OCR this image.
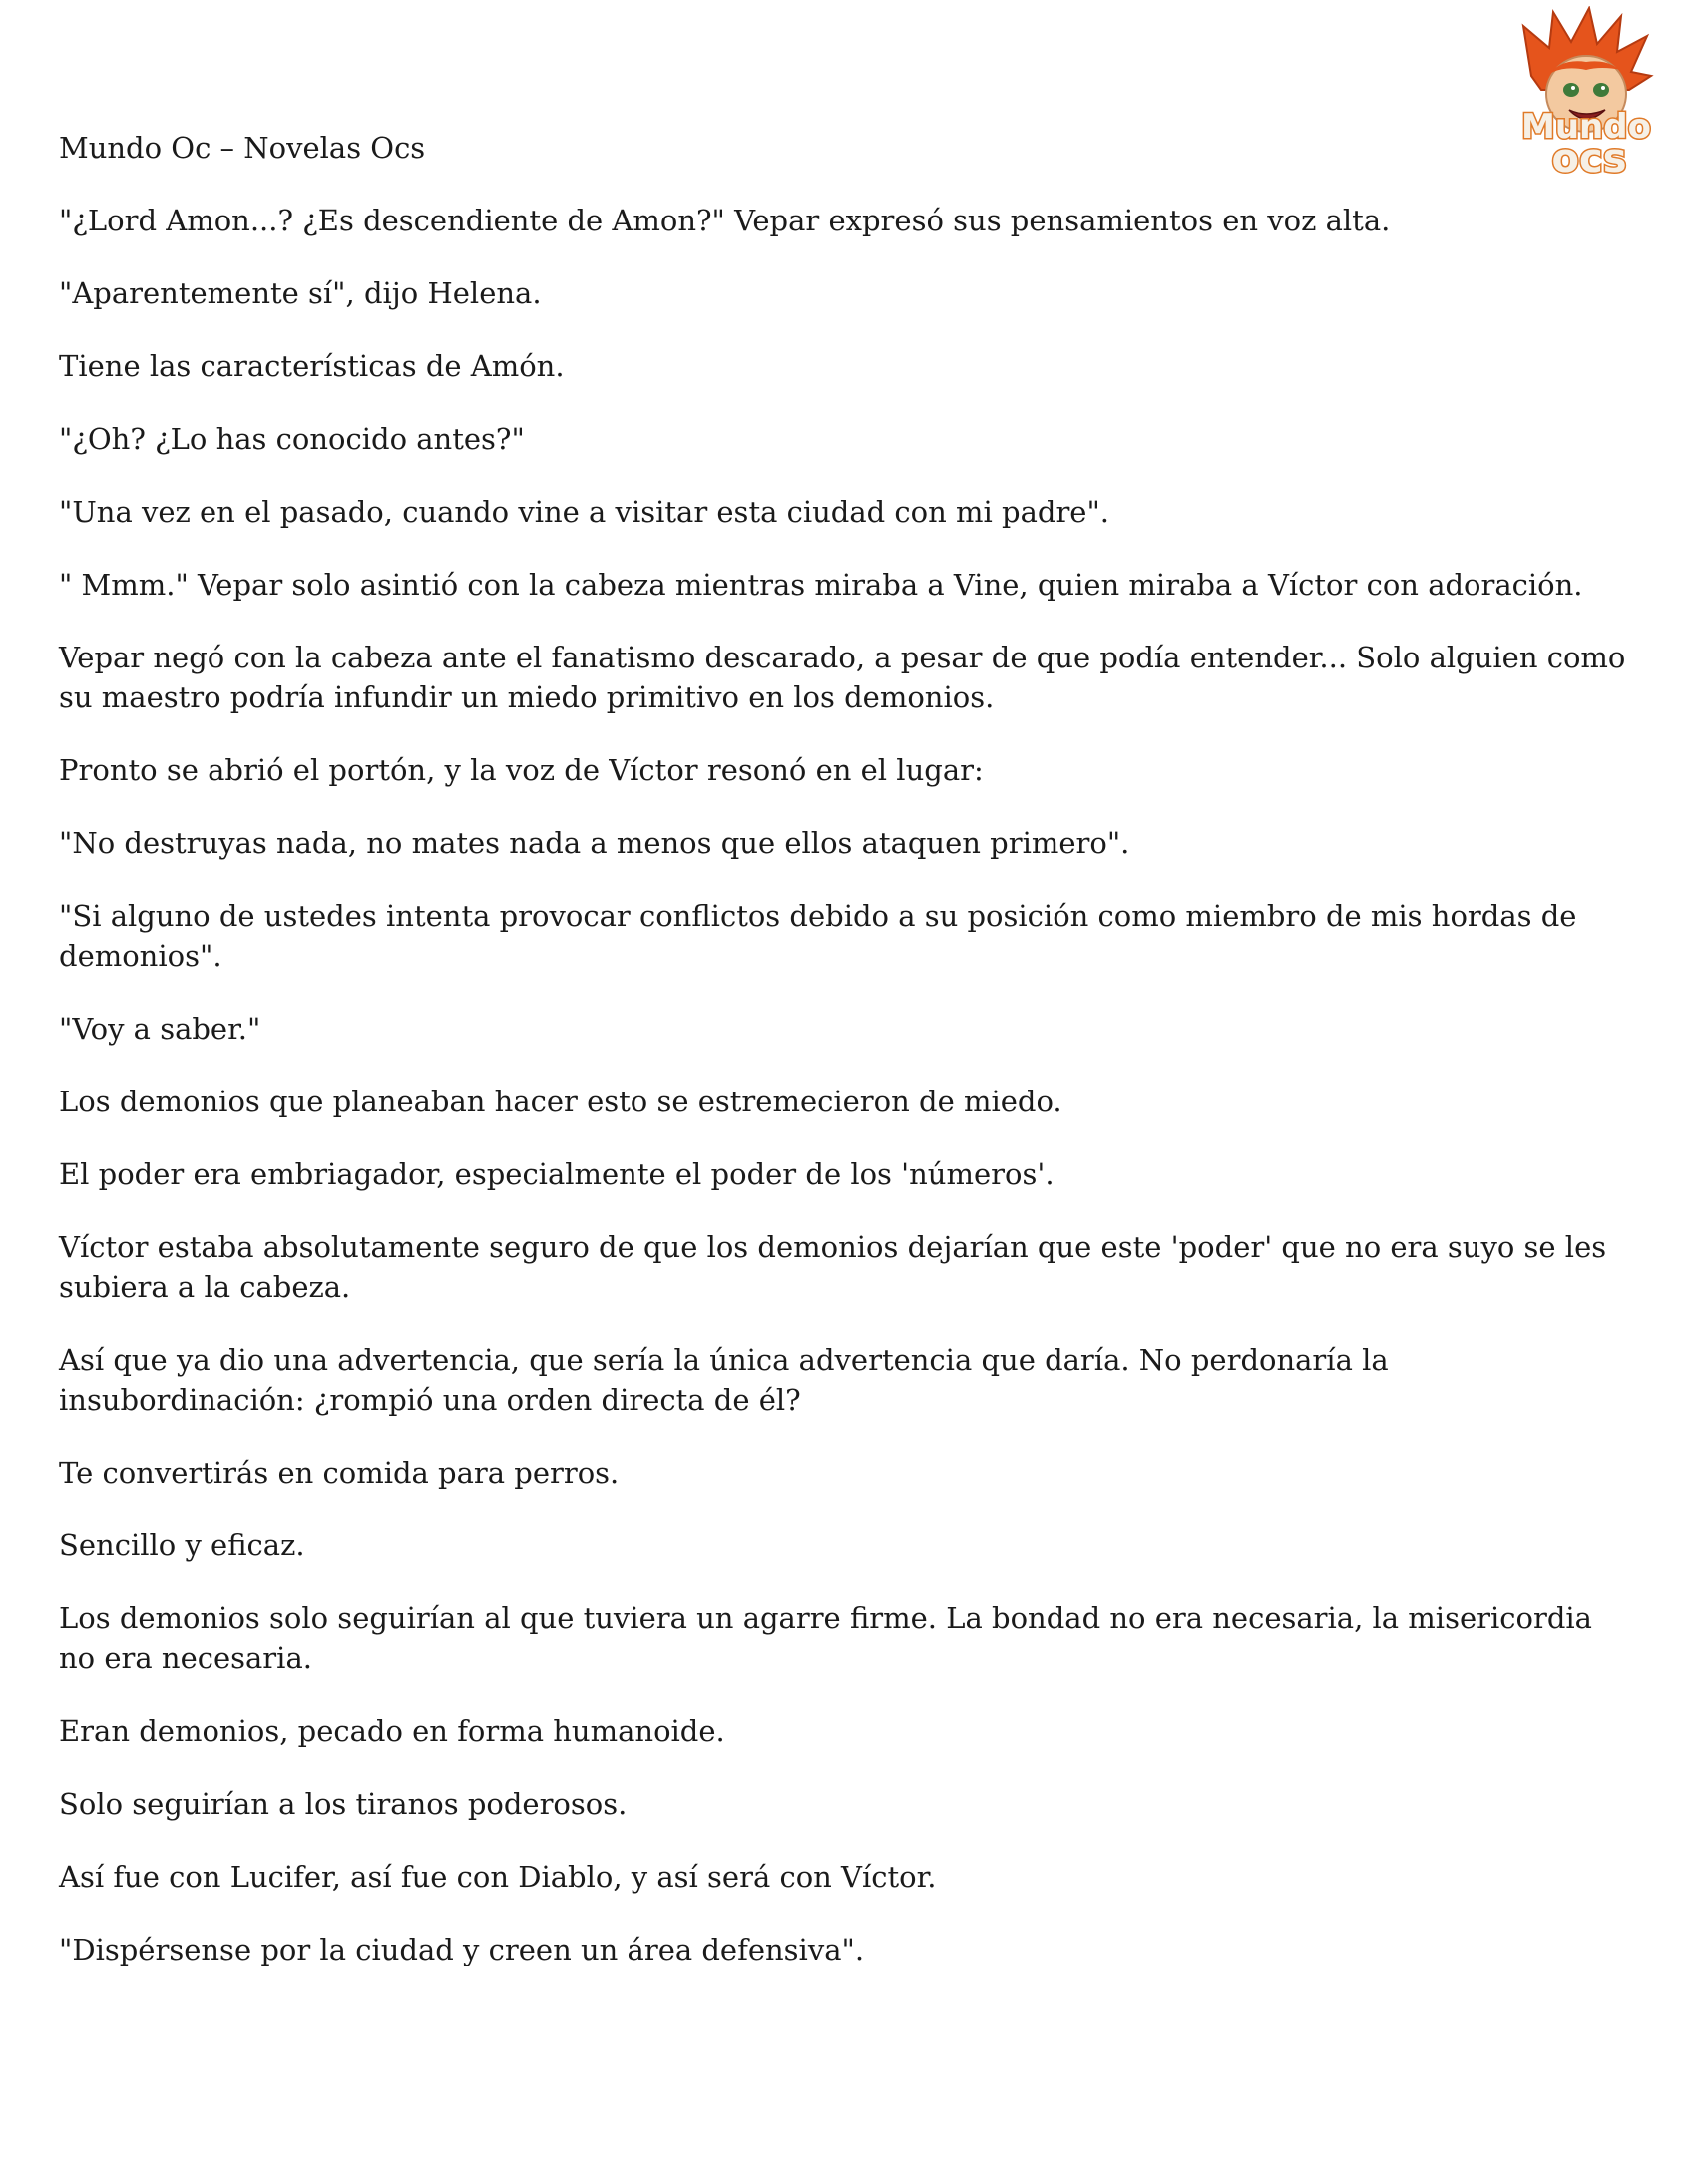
Mundo
ocs

Mundo Oc – Novelas Ocs

"¿Lord Amon...? ¿Es descendiente de Amon?" Vepar expresó sus pensamientos en voz alta.

"Aparentemente sí", dijo Helena.

Tiene las características de Amón.

"¿Oh? ¿Lo has conocido antes?"

"Una vez en el pasado, cuando vine a visitar esta ciudad con mi padre".

" Mmm." Vepar solo asintió con la cabeza mientras miraba a Vine, quien miraba a Víctor con adoración.

Vepar negó con la cabeza ante el fanatismo descarado, a pesar de que podía entender... Solo alguien como su maestro podría infundir un miedo primitivo en los demonios.

Pronto se abrió el portón, y la voz de Víctor resonó en el lugar:

"No destruyas nada, no mates nada a menos que ellos ataquen primero".

"Si alguno de ustedes intenta provocar conflictos debido a su posición como miembro de mis hordas de demonios".

"Voy a saber."

Los demonios que planeaban hacer esto se estremecieron de miedo.

El poder era embriagador, especialmente el poder de los 'números'.

Víctor estaba absolutamente seguro de que los demonios dejarían que este 'poder' que no era suyo se les subiera a la cabeza.

Así que ya dio una advertencia, que sería la única advertencia que daría. No perdonaría la insubordinación: ¿rompió una orden directa de él?

Te convertirás en comida para perros.

Sencillo y eficaz.

Los demonios solo seguirían al que tuviera un agarre firme. La bondad no era necesaria, la misericordia no era necesaria.

Eran demonios, pecado en forma humanoide.

Solo seguirían a los tiranos poderosos.

Así fue con Lucifer, así fue con Diablo, y así será con Víctor.

"Dispérsense por la ciudad y creen un área defensiva".
